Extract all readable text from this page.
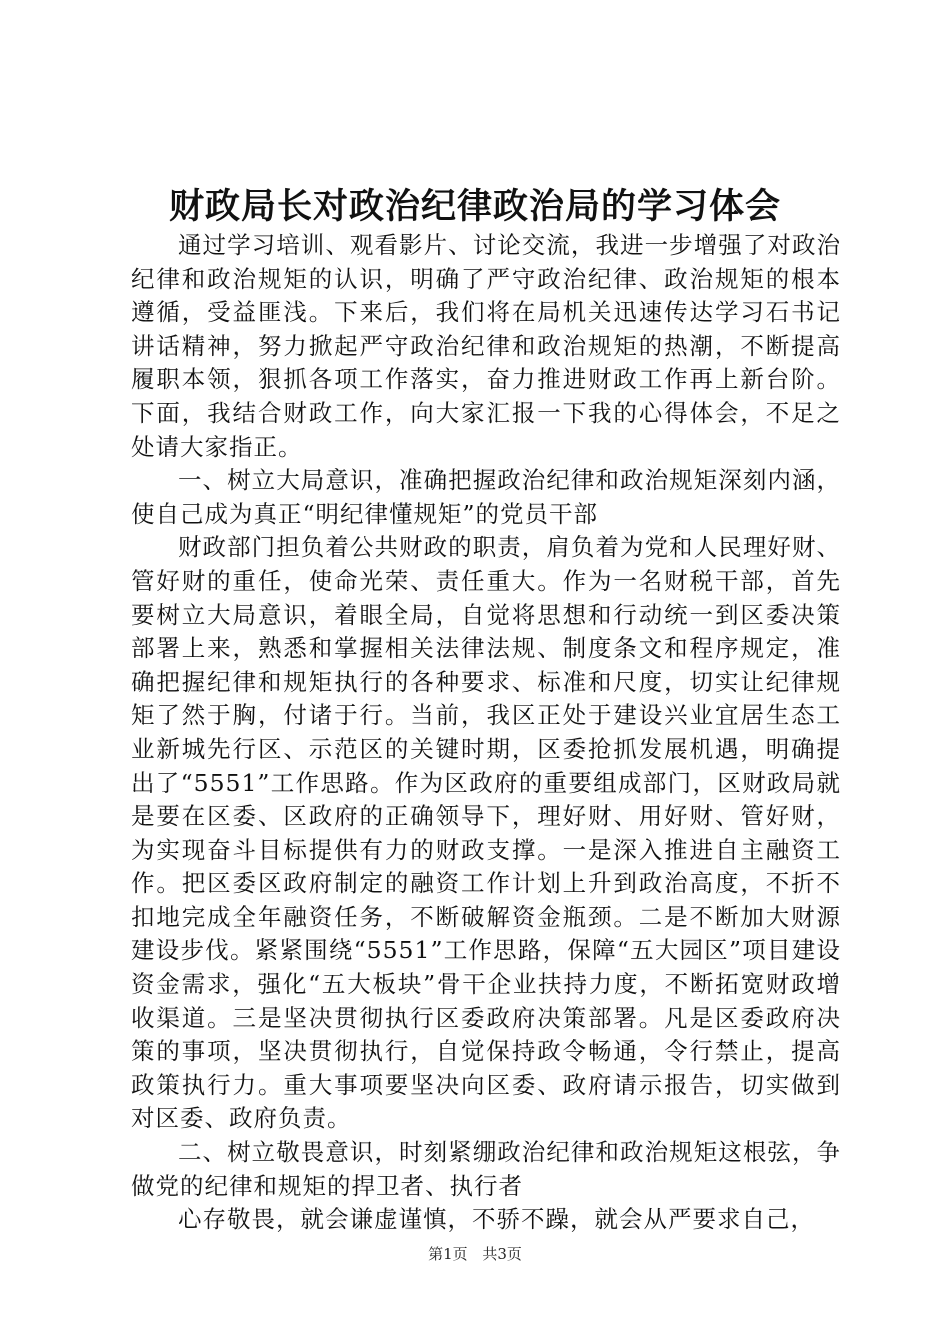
财政局长对政治纪律政治局的学习体会

通过学习培训、观看影片、讨论交流，我进一步增强了对政治纪律和政治规矩的认识，明确了严守政治纪律、政治规矩的根本遵循，受益匪浅。下来后，我们将在局机关迅速传达学习石书记讲话精神，努力掀起严守政治纪律和政治规矩的热潮，不断提高履职本领，狠抓各项工作落实，奋力推进财政工作再上新台阶。下面，我结合财政工作，向大家汇报一下我的心得体会，不足之处请大家指正。

一、树立大局意识，准确把握政治纪律和政治规矩深刻内涵，使自己成为真正“明纪律懂规矩”的党员干部

财政部门担负着公共财政的职责，肩负着为党和人民理好财、管好财的重任，使命光荣、责任重大。作为一名财税干部，首先要树立大局意识，着眼全局，自觉将思想和行动统一到区委决策部署上来，熟悉和掌握相关法律法规、制度条文和程序规定，准确把握纪律和规矩执行的各种要求、标准和尺度，切实让纪律规矩了然于胸，付诸于行。当前，我区正处于建设兴业宜居生态工业新城先行区、示范区的关键时期，区委抢抓发展机遇，明确提出了“5551”工作思路。作为区政府的重要组成部门，区财政局就是要在区委、区政府的正确领导下，理好财、用好财、管好财，为实现奋斗目标提供有力的财政支撑。一是深入推进自主融资工作。把区委区政府制定的融资工作计划上升到政治高度，不折不扣地完成全年融资任务，不断破解资金瓶颈。二是不断加大财源建设步伐。紧紧围绕“5551”工作思路，保障“五大园区”项目建设资金需求，强化“五大板块”骨干企业扶持力度，不断拓宽财政增收渠道。三是坚决贯彻执行区委政府决策部署。凡是区委政府决策的事项，坚决贯彻执行，自觉保持政令畅通，令行禁止，提高政策执行力。重大事项要坚决向区委、政府请示报告，切实做到对区委、政府负责。

二、树立敬畏意识，时刻紧绷政治纪律和政治规矩这根弦，争做党的纪律和规矩的捍卫者、执行者

心存敬畏，就会谦虚谨慎，不骄不躁，就会从严要求自己，

第1页 共3页
